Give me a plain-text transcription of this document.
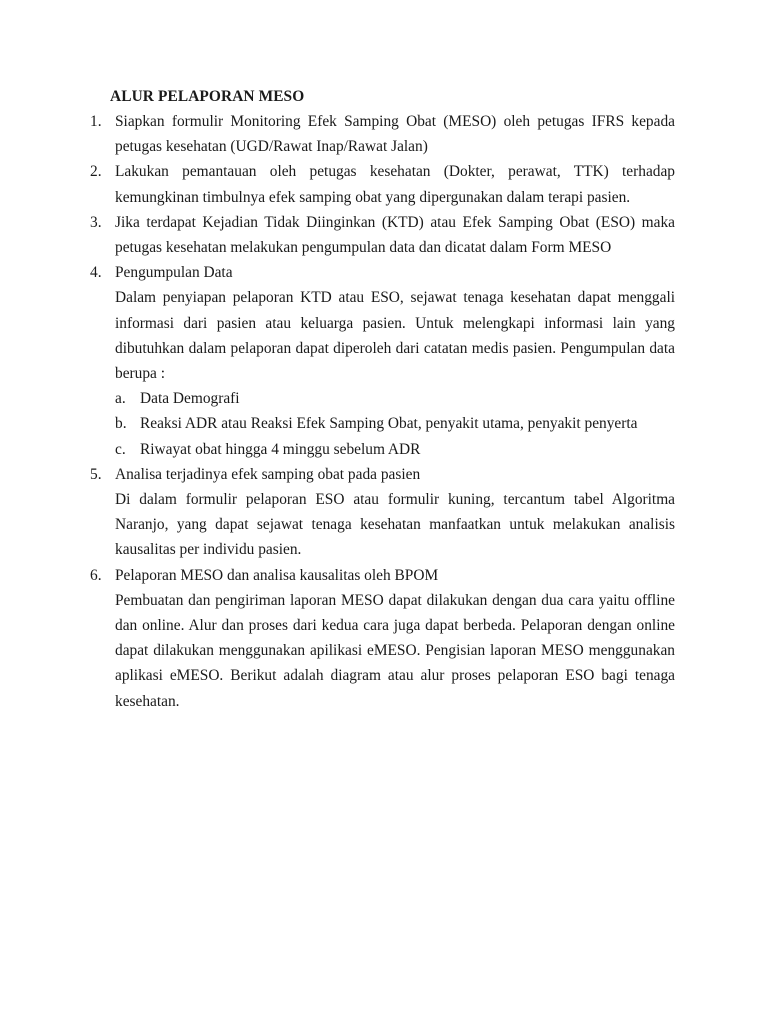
ALUR PELAPORAN MESO
1. Siapkan formulir Monitoring Efek Samping Obat (MESO) oleh petugas IFRS kepada petugas kesehatan (UGD/Rawat Inap/Rawat Jalan)
2. Lakukan pemantauan oleh petugas kesehatan (Dokter, perawat, TTK) terhadap kemungkinan timbulnya efek samping obat yang dipergunakan dalam terapi pasien.
3. Jika terdapat Kejadian Tidak Diinginkan (KTD) atau Efek Samping Obat (ESO) maka petugas kesehatan melakukan pengumpulan data dan dicatat dalam Form MESO
4. Pengumpulan Data
Dalam penyiapan pelaporan KTD atau ESO, sejawat tenaga kesehatan dapat menggali informasi dari pasien atau keluarga pasien. Untuk melengkapi informasi lain yang dibutuhkan dalam pelaporan dapat diperoleh dari catatan medis pasien. Pengumpulan data berupa :
a. Data Demografi
b. Reaksi ADR atau Reaksi Efek Samping Obat, penyakit utama, penyakit penyerta
c. Riwayat obat hingga 4 minggu sebelum ADR
5. Analisa terjadinya efek samping obat pada pasien
Di dalam formulir pelaporan ESO atau formulir kuning, tercantum tabel Algoritma Naranjo, yang dapat sejawat tenaga kesehatan manfaatkan untuk melakukan analisis kausalitas per individu pasien.
6. Pelaporan MESO dan analisa kausalitas oleh BPOM
Pembuatan dan pengiriman laporan MESO dapat dilakukan dengan dua cara yaitu offline dan online. Alur dan proses dari kedua cara juga dapat berbeda. Pelaporan dengan online dapat dilakukan menggunakan apilikasi eMESO. Pengisian laporan MESO menggunakan aplikasi eMESO. Berikut adalah diagram atau alur proses pelaporan ESO bagi tenaga kesehatan.
